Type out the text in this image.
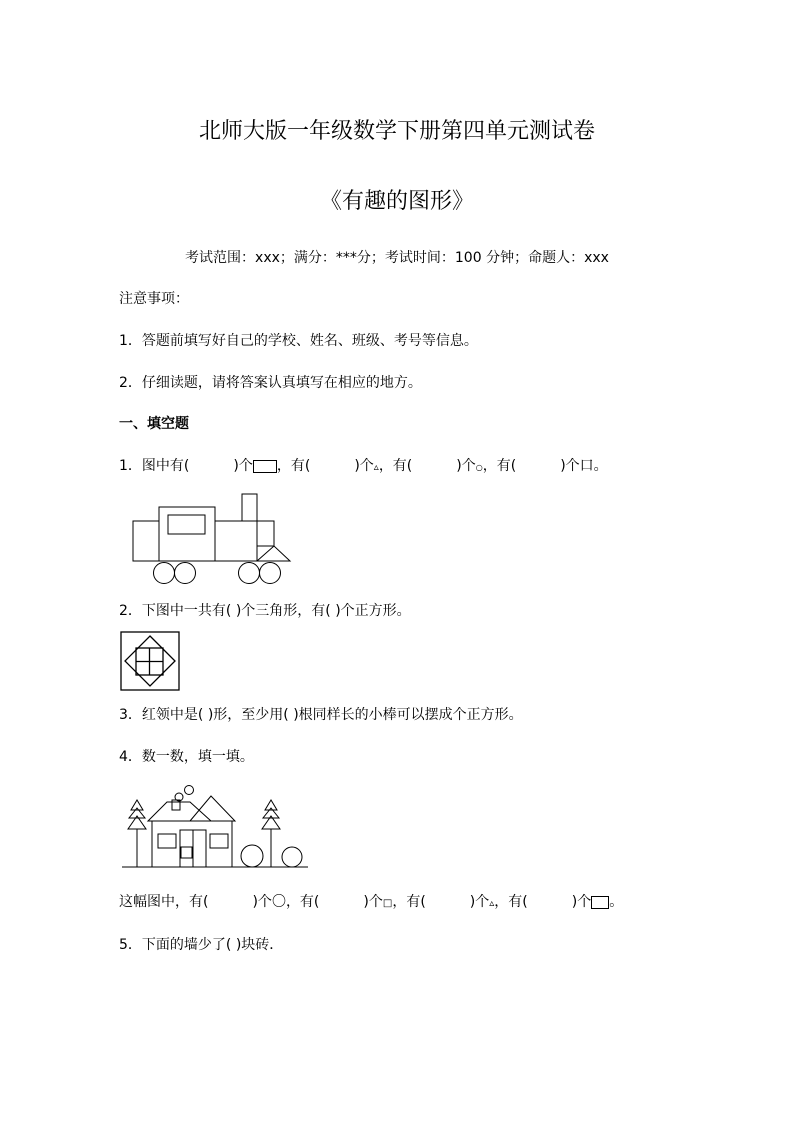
北师大版一年级数学下册第四单元测试卷
《有趣的图形》
考试范围：xxx；满分：***分；考试时间：100 分钟；命题人：xxx
注意事项：
1．答题前填写好自己的学校、姓名、班级、考号等信息。
2．仔细读题，请将答案认真填写在相应的地方。
一、填空题
1．图中有(	)个 ，有(	)个▵，有(	)个○，有(	)个口。
2．下图中一共有( )个三角形，有( )个正方形。
3．红领中是( )形，至少用( )根同样长的小棒可以摆成个正方形。
4．数一数，填一填。
这幅图中，有(	)个〇，有(	)个□，有(	)个▵，有(	)个 。
5．下面的墙少了( )块砖．
